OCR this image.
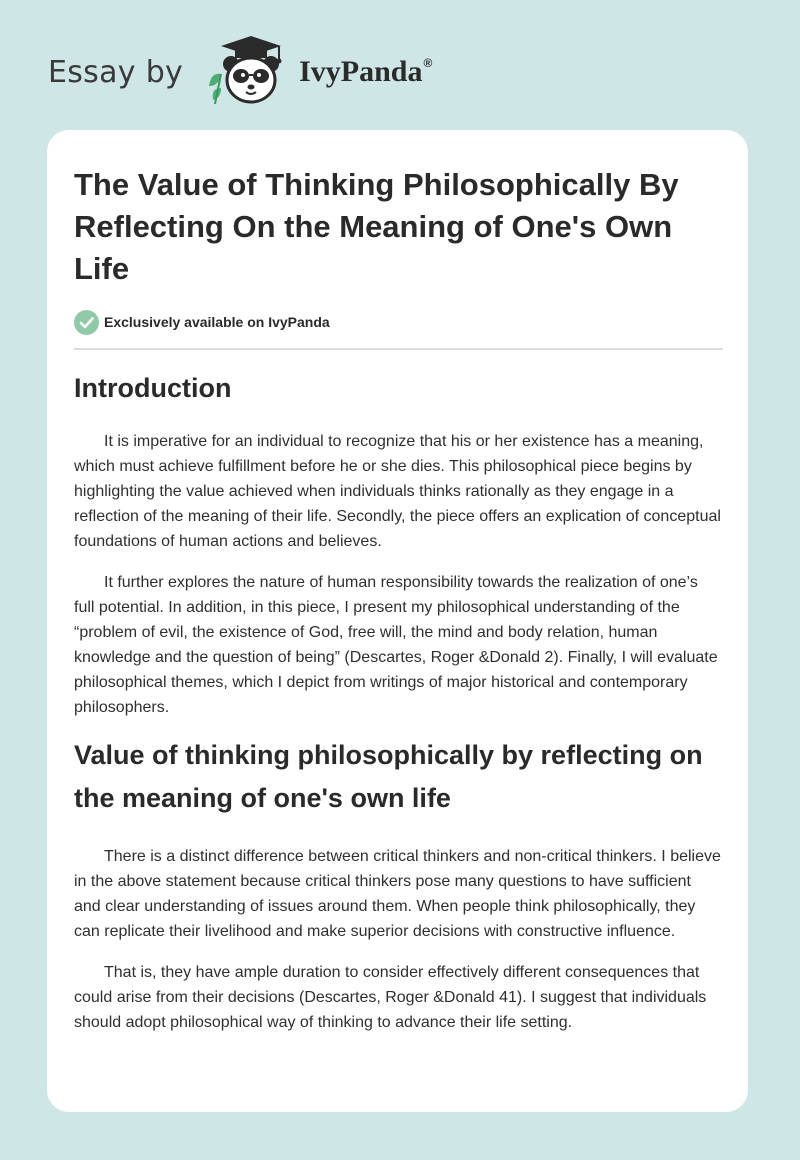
Essay by	IvyPanda®
The Value of Thinking Philosophically By Reflecting On the Meaning of One's Own Life
Exclusively available on IvyPanda
Introduction

It is imperative for an individual to recognize that his or her existence has a meaning, which must achieve fulfillment before he or she dies. This philosophical piece begins by highlighting the value achieved when individuals thinks rationally as they engage in a reflection of the meaning of their life. Secondly, the piece offers an explication of conceptual foundations of human actions and believes.

It further explores the nature of human responsibility towards the realization of one’s full potential. In addition, in this piece, I present my philosophical understanding of the “problem of evil, the existence of God, free will, the mind and body relation, human knowledge and the question of being” (Descartes, Roger &Donald 2). Finally, I will evaluate philosophical themes, which I depict from writings of major historical and contemporary philosophers.

Value of thinking philosophically by reflecting on the meaning of one's own life

There is a distinct difference between critical thinkers and non-critical thinkers. I believe in the above statement because critical thinkers pose many questions to have sufficient and clear understanding of issues around them. When people think philosophically, they can replicate their livelihood and make superior decisions with constructive influence.

That is, they have ample duration to consider effectively different consequences that could arise from their decisions (Descartes, Roger &Donald 41). I suggest that individuals should adopt philosophical way of thinking to advance their life setting.
